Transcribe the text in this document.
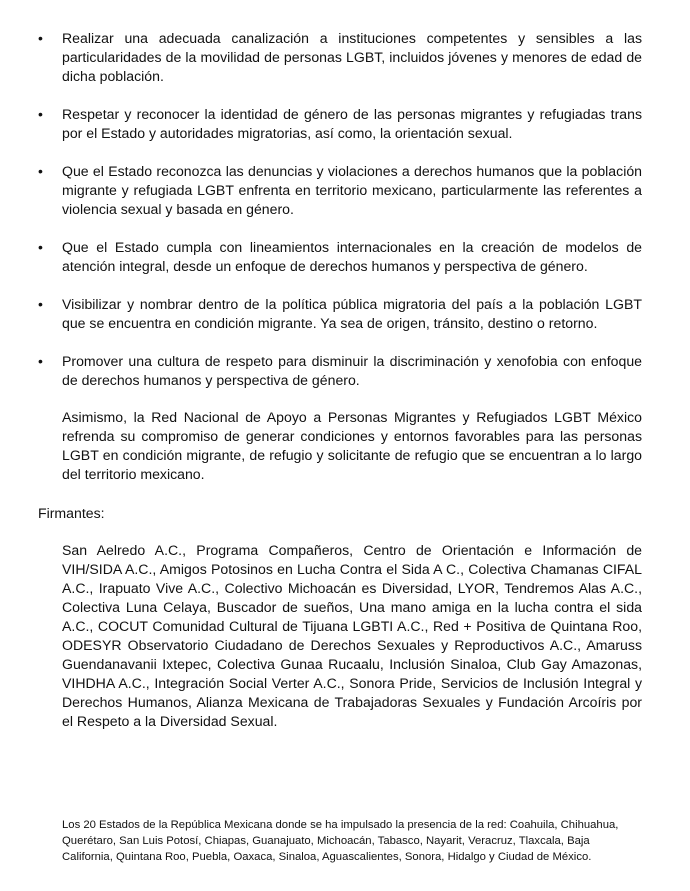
• Realizar una adecuada canalización a instituciones competentes y sensibles a las particularidades de la movilidad de personas LGBT, incluidos jóvenes y menores de edad de dicha población.
• Respetar y reconocer la identidad de género de las personas migrantes y refugiadas trans por el Estado y autoridades migratorias, así como, la orientación sexual.
• Que el Estado reconozca las denuncias y violaciones a derechos humanos que la población migrante y refugiada LGBT enfrenta en territorio mexicano, particularmente las referentes a violencia sexual y basada en género.
• Que el Estado cumpla con lineamientos internacionales en la creación de modelos de atención integral, desde un enfoque de derechos humanos y perspectiva de género.
• Visibilizar y nombrar dentro de la política pública migratoria del país a la población LGBT que se encuentra en condición migrante. Ya sea de origen, tránsito, destino o retorno.
• Promover una cultura de respeto para disminuir la discriminación y xenofobia con enfoque de derechos humanos y perspectiva de género.

Asimismo, la Red Nacional de Apoyo a Personas Migrantes y Refugiados LGBT México refrenda su compromiso de generar condiciones y entornos favorables para las personas LGBT en condición migrante, de refugio y solicitante de refugio que se encuentran a lo largo del territorio mexicano.

Firmantes:

San Aelredo A.C., Programa Compañeros, Centro de Orientación e Información de VIH/SIDA A.C., Amigos Potosinos en Lucha Contra el Sida A C., Colectiva Chamanas CIFAL A.C., Irapuato Vive A.C., Colectivo Michoacán es Diversidad, LYOR, Tendremos Alas A.C., Colectiva Luna Celaya, Buscador de sueños, Una mano amiga en la lucha contra el sida A.C., COCUT Comunidad Cultural de Tijuana LGBTI A.C., Red + Positiva de Quintana Roo, ODESYR Observatorio Ciudadano de Derechos Sexuales y Reproductivos A.C., Amaruss Guendanavanii Ixtepec, Colectiva Gunaa Rucaalu, Inclusión Sinaloa, Club Gay Amazonas, VIHDHA A.C., Integración Social Verter A.C., Sonora Pride, Servicios de Inclusión Integral y Derechos Humanos, Alianza Mexicana de Trabajadoras Sexuales y Fundación Arcoíris por el Respeto a la Diversidad Sexual.

Los 20 Estados de la República Mexicana donde se ha impulsado la presencia de la red: Coahuila, Chihuahua, Querétaro, San Luis Potosí, Chiapas, Guanajuato, Michoacán, Tabasco, Nayarit, Veracruz, Tlaxcala, Baja California, Quintana Roo, Puebla, Oaxaca, Sinaloa, Aguascalientes, Sonora, Hidalgo y Ciudad de México.
